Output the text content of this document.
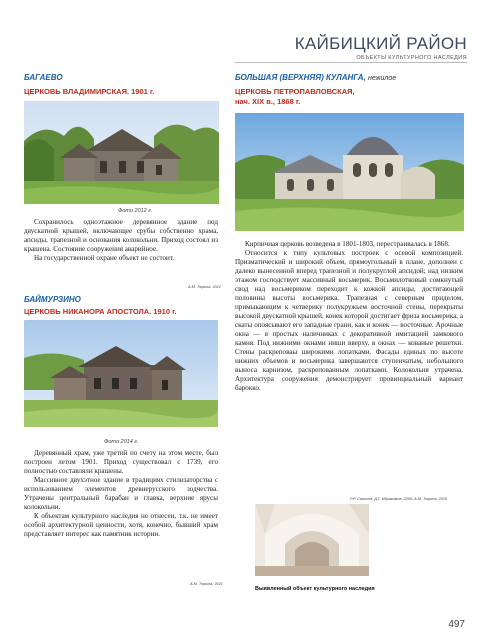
КАЙБИЦКИЙ РАЙОН
ОБЪЕКТЫ КУЛЬТУРНОГО НАСЛЕДИЯ
БАГАЕВО
ЦЕРКОВЬ ВЛАДИМИРСКАЯ. 1901 г.
Фото 2012 г.

Сохранилось одноэтажное деревянное здание под двускатной крышей, включающее срубы собственно храма, апсиды, трапезной и основания колокольни. Приход состоял из крашена. Состояние сооружения аварийное.

На государственной охране объект не состоит.

А.М. Тюрина, 2021
БАЙМУРЗИНО
ЦЕРКОВЬ НИКАНОРА АПОСТОЛА. 1910 г.
Фото 2014 г.

Деревянный храм, уже третий по счету на этом месте, был построен летом 1901. Приход существовал с 1739, его полностью составляли крашены.

Массивное двухэтное здание в традициях стилизаторства с использованием элементов древнерусского зодчества. Утрачены центральный барабан и главка, верхние ярусы колокольни.

К объектам культурного наследия не отнесен, т.к. не имеет особой архитектурной ценности, хотя, конечно, бывший храм представляет интерес как памятник истории.

А.М. Тюрина, 2021
БОЛЬШАЯ (ВЕРХНЯЯ) КУЛАНГА, нежилое
ЦЕРКОВЬ ПЕТРОПАВЛОВСКАЯ,
нач. XIX в., 1868 г.

Кирпичная церковь возведена в 1801-1803, перестраивалась в 1868.

Относится к типу культовых построек с осевой композицией. Призматический и широкий объем, прямоугольный в плане, дополнен с далеко вынесенной вперед трапезной и полукруглой апсидой; над низким этажом господствует массивный восьмерик. Восьмилотковый сомкнутый свод над восьмериком переходит к кожкой апсиды, достигающей половины высоты восьмерика. Трапезная с северным приделом, примыкающим к четверику полукружьем восточной стены, перекрыты высокой двускатной крышей, конек которой достигает фриза восьмерика, а скаты опоясывают его западные грани, как и конек — восточные. Арочные окна — в простых наличниках с декоративной имитацией замкового камня. Под нижними окнами ниши вверху, в окнах — кованые решетки. Стены раскреповаы широкими лопатками. Фасады единых по высоте нижних объемов и восьмерика завершаются ступенчатым, небольшого выноса карнизом, раскрепованным лопатками. Колокольня утрачена. Архитектура сооружения демонстрирует провинциальный вариант барокко.

Р.Р. Салихов, Д.Г. Ибрагимов, 2000; А.М. Тюрина, 2019
Выявленный объект культурного наследия
497
